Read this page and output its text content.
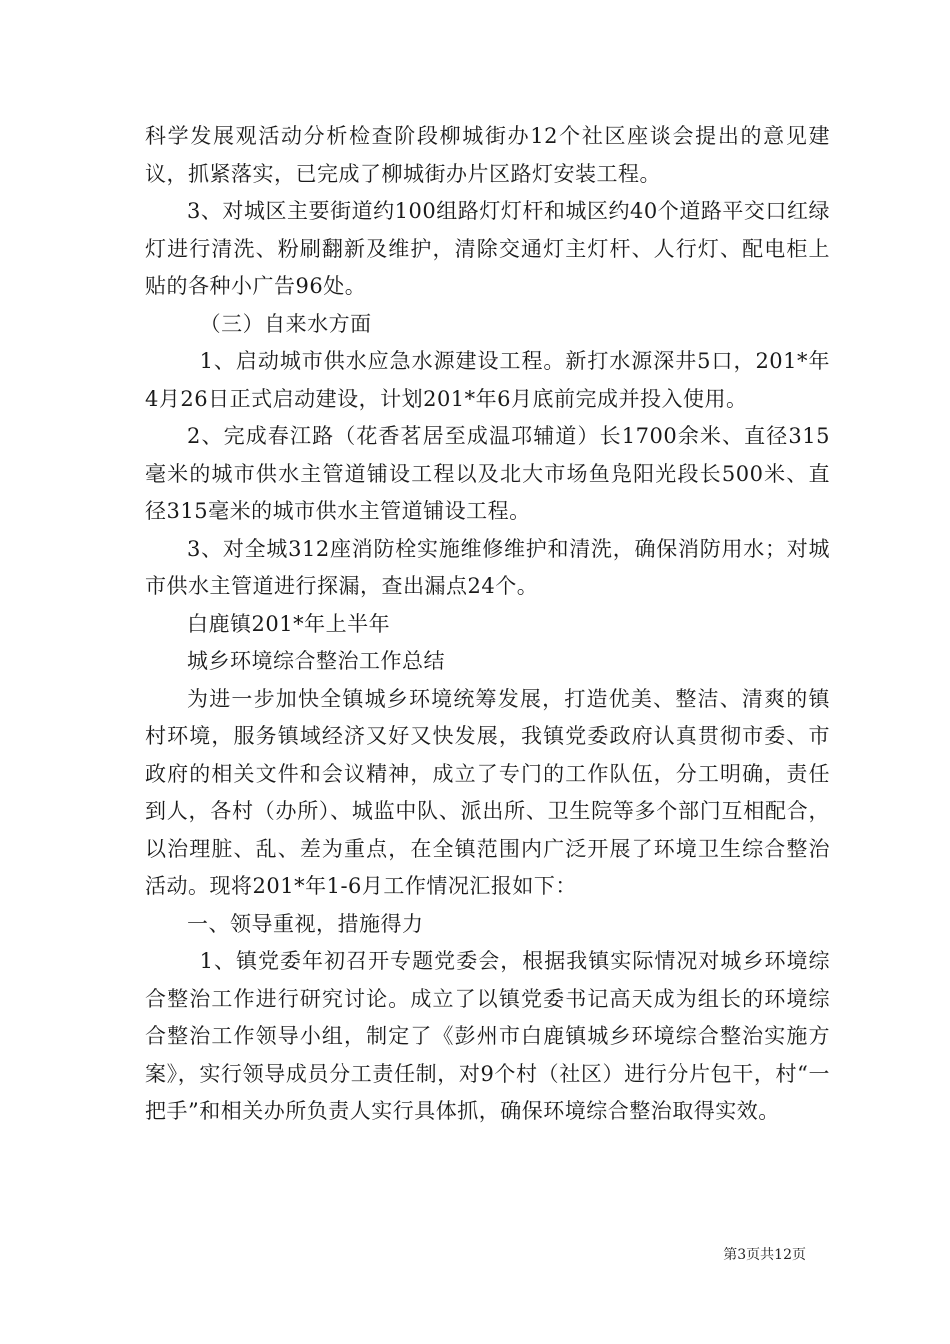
科学发展观活动分析检查阶段柳城街办12个社区座谈会提出的意见建议，抓紧落实，已完成了柳城街办片区路灯安装工程。

3、对城区主要街道约100组路灯灯杆和城区约40个道路平交口红绿灯进行清洗、粉刷翻新及维护，清除交通灯主灯杆、人行灯、配电柜上贴的各种小广告96处。

（三）自来水方面

1、启动城市供水应急水源建设工程。新打水源深井5口，201*年4月26日正式启动建设，计划201*年6月底前完成并投入使用。

2、完成春江路（花香茗居至成温邛辅道）长1700余米、直径315毫米的城市供水主管道铺设工程以及北大市场鱼凫阳光段长500米、直径315毫米的城市供水主管道铺设工程。

3、对全城312座消防栓实施维修维护和清洗，确保消防用水；对城市供水主管道进行探漏，查出漏点24个。

白鹿镇201*年上半年

城乡环境综合整治工作总结

为进一步加快全镇城乡环境统筹发展，打造优美、整洁、清爽的镇村环境，服务镇域经济又好又快发展，我镇党委政府认真贯彻市委、市政府的相关文件和会议精神，成立了专门的工作队伍，分工明确，责任到人，各村（办所）、城监中队、派出所、卫生院等多个部门互相配合，以治理脏、乱、差为重点，在全镇范围内广泛开展了环境卫生综合整治活动。现将201*年1-6月工作情况汇报如下：

一、领导重视，措施得力

1、镇党委年初召开专题党委会，根据我镇实际情况对城乡环境综合整治工作进行研究讨论。成立了以镇党委书记高天成为组长的环境综合整治工作领导小组，制定了《彭州市白鹿镇城乡环境综合整治实施方案》，实行领导成员分工责任制，对9个村（社区）进行分片包干，村“一把手”和相关办所负责人实行具体抓，确保环境综合整治取得实效。

第3页共12页
